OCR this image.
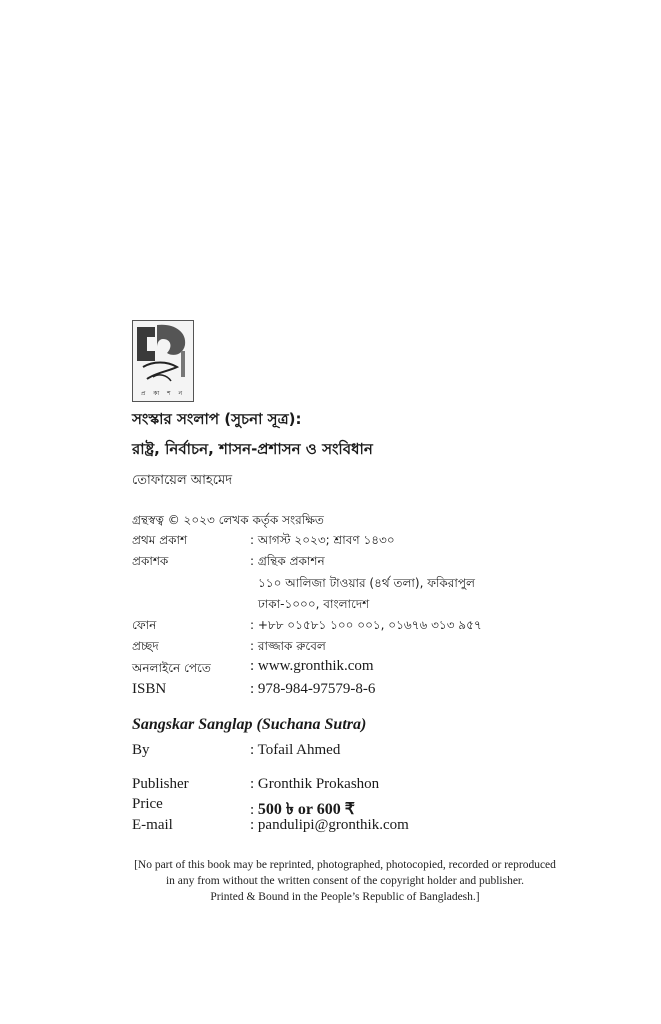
প্র কা শ ন
সংস্কার সংলাপ (সুচনা সূত্র):
রাষ্ট্র, নির্বাচন, শাসন-প্রশাসন ও সংবিধান
তোফায়েল আহমেদ
গ্রন্থস্বত্ব © ২০২৩ লেখক কর্তৃক সংরক্ষিত
প্রথম প্রকাশ	: আগস্ট ২০২৩; শ্রাবণ ১৪৩০
প্রকাশক	: গ্রন্থিক প্রকাশন
১১০ আলিজা টাওয়ার (৪র্থ তলা), ফকিরাপুল
ঢাকা-১০০০, বাংলাদেশ
ফোন	: +৮৮ ০১৫৮১ ১০০ ০০১, ০১৬৭৬ ৩১৩ ৯৫৭
প্রচ্ছদ	: রাজ্জাক রুবেল
অনলাইনে পেতে	: www.gronthik.com
ISBN	: 978-984-97579-8-6
Sangskar Sanglap (Suchana Sutra)
By	: Tofail Ahmed
Publisher	: Gronthik Prokashon
Price	: 500 ৳ or 600 ₹
E-mail	: pandulipi@gronthik.com
[No part of this book may be reprinted, photographed, photocopied, recorded or reproduced
in any from without the written consent of the copyright holder and publisher.
Printed & Bound in the People’s Republic of Bangladesh.]
